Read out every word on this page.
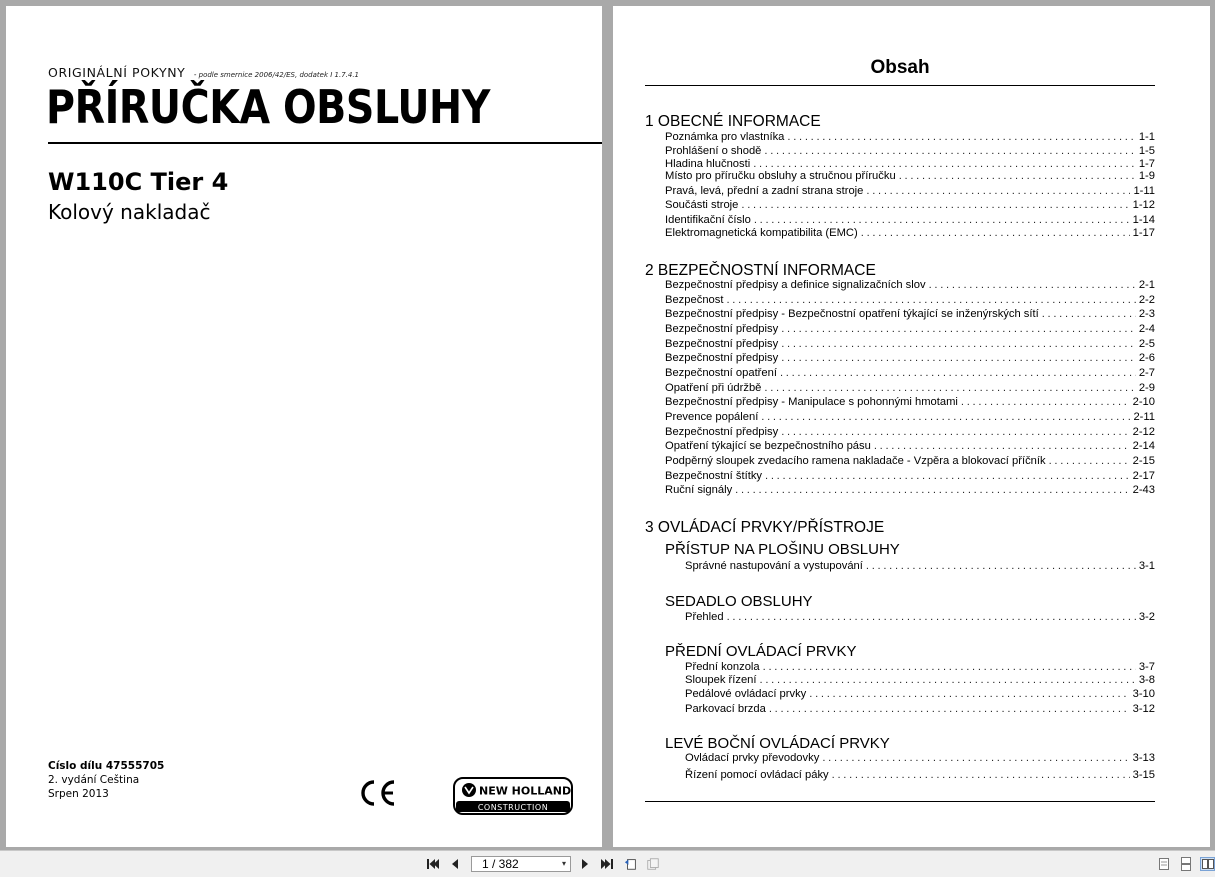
ORIGINÁLNÍ POKYNY - podle smernice 2006/42/ES, dodatek I 1.7.4.1
PŘÍRUČKA OBSLUHY
W110C Tier 4
Kolový nakladač
Císlo dílu 47555705
2. vydání Ceština
Srpen 2013	NEW HOLLAND
CONSTRUCTION
Obsah
1 OBECNÉ INFORMACE
Poznámka pro vlastníka . . .	1-1
Prohlášení o shodě . . .	1-5
Hladina hlučnosti . . .	1-7
Místo pro příručku obsluhy a stručnou příručku . . .	1-9
Pravá, levá, přední a zadní strana stroje . . .	1-11
Součásti stroje . . .	1-12
Identifikační číslo . . .	1-14
Elektromagnetická kompatibilita (EMC) . . .	1-17
2 BEZPEČNOSTNÍ INFORMACE
Bezpečnostní předpisy a definice signalizačních slov . . .	2-1
Bezpečnost . . .	2-2
Bezpečnostní předpisy - Bezpečnostní opatření týkající se inženýrských sítí . . .	2-3
Bezpečnostní předpisy . . .	2-4
Bezpečnostní předpisy . . .	2-5
Bezpečnostní předpisy . . .	2-6
Bezpečnostní opatření . . .	2-7
Opatření při údržbě . . .	2-9
Bezpečnostní předpisy - Manipulace s pohonnými hmotami . . .	2-10
Prevence popálení . . .	2-11
Bezpečnostní předpisy . . .	2-12
Opatření týkající se bezpečnostního pásu . . .	2-14
Podpěrný sloupek zvedacího ramena nakladače - Vzpěra a blokovací příčník . . .	2-15
Bezpečnostní štítky . . .	2-17
Ruční signály . . .	2-43
3 OVLÁDACÍ PRVKY/PŘÍSTROJE
PŘÍSTUP NA PLOŠINU OBSLUHY
Správné nastupování a vystupování . . .	3-1
SEDADLO OBSLUHY
Přehled . . .	3-2
PŘEDNÍ OVLÁDACÍ PRVKY
Přední konzola . . .	3-7
Sloupek řízení . . .	3-8
Pedálové ovládací prvky . . .	3-10
Parkovací brzda . . .	3-12
LEVÉ BOČNÍ OVLÁDACÍ PRVKY
Ovládací prvky převodovky . . .	3-13
Řízení pomocí ovládací páky . . .	3-15
1 / 382	▾
